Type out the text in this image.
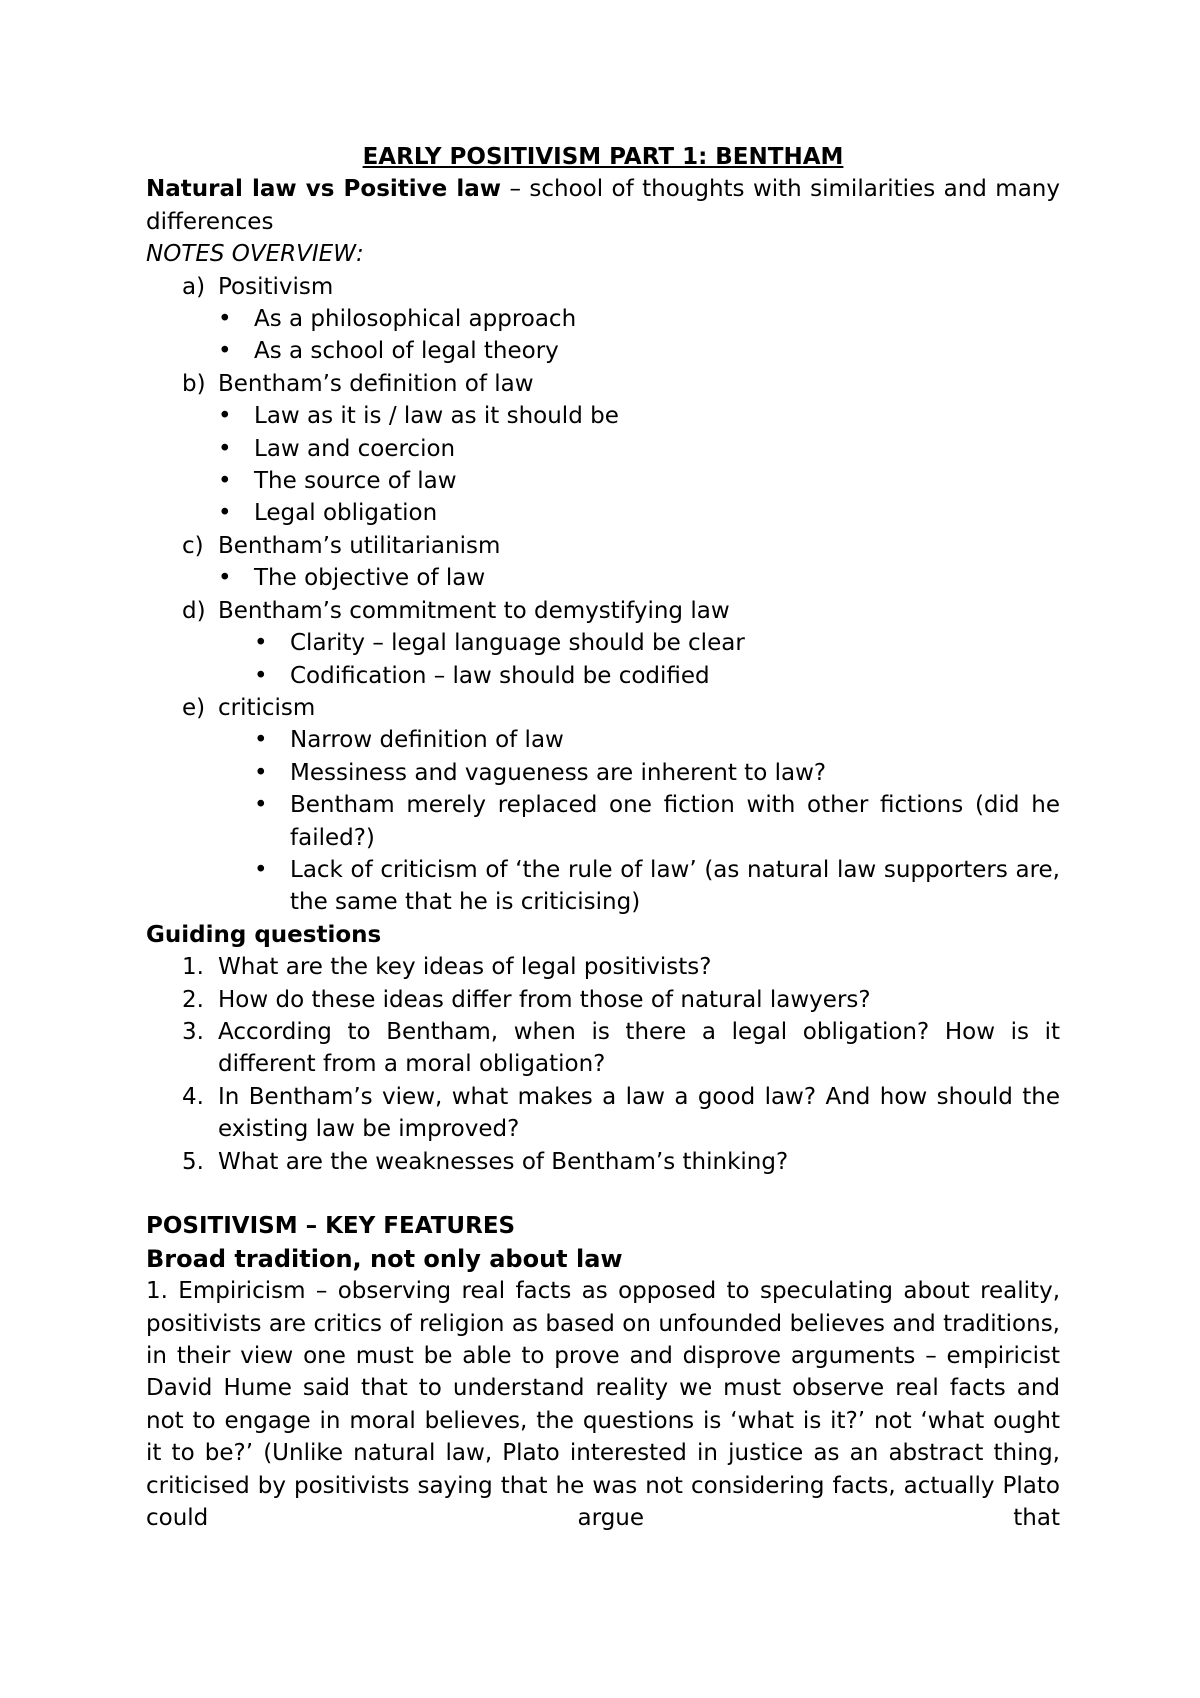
EARLY POSITIVISM PART 1: BENTHAM
Natural law vs Positive law – school of thoughts with similarities and many differences
NOTES OVERVIEW:
a) Positivism
• As a philosophical approach
• As a school of legal theory
b) Bentham’s definition of law
• Law as it is / law as it should be
• Law and coercion
• The source of law
• Legal obligation
c) Bentham’s utilitarianism
• The objective of law
d) Bentham’s commitment to demystifying law
• Clarity – legal language should be clear
• Codification – law should be codified
e) criticism
• Narrow definition of law
• Messiness and vagueness are inherent to law?
• Bentham merely replaced one fiction with other fictions (did he failed?)
• Lack of criticism of ‘the rule of law’ (as natural law supporters are, the same that he is criticising)
Guiding questions
1. What are the key ideas of legal positivists?
2. How do these ideas differ from those of natural lawyers?
3. According to Bentham, when is there a legal obligation? How is it different from a moral obligation?
4. In Bentham’s view, what makes a law a good law? And how should the existing law be improved?
5. What are the weaknesses of Bentham’s thinking?
POSITIVISM – KEY FEATURES
Broad tradition, not only about law
1. Empiricism – observing real facts as opposed to speculating about reality, positivists are critics of religion as based on unfounded believes and traditions, in their view one must be able to prove and disprove arguments – empiricist David Hume said that to understand reality we must observe real facts and not to engage in moral believes, the questions is ‘what is it?’ not ‘what ought it to be?’ (Unlike natural law, Plato interested in justice as an abstract thing, criticised by positivists saying that he was not considering facts, actually Plato could argue that
